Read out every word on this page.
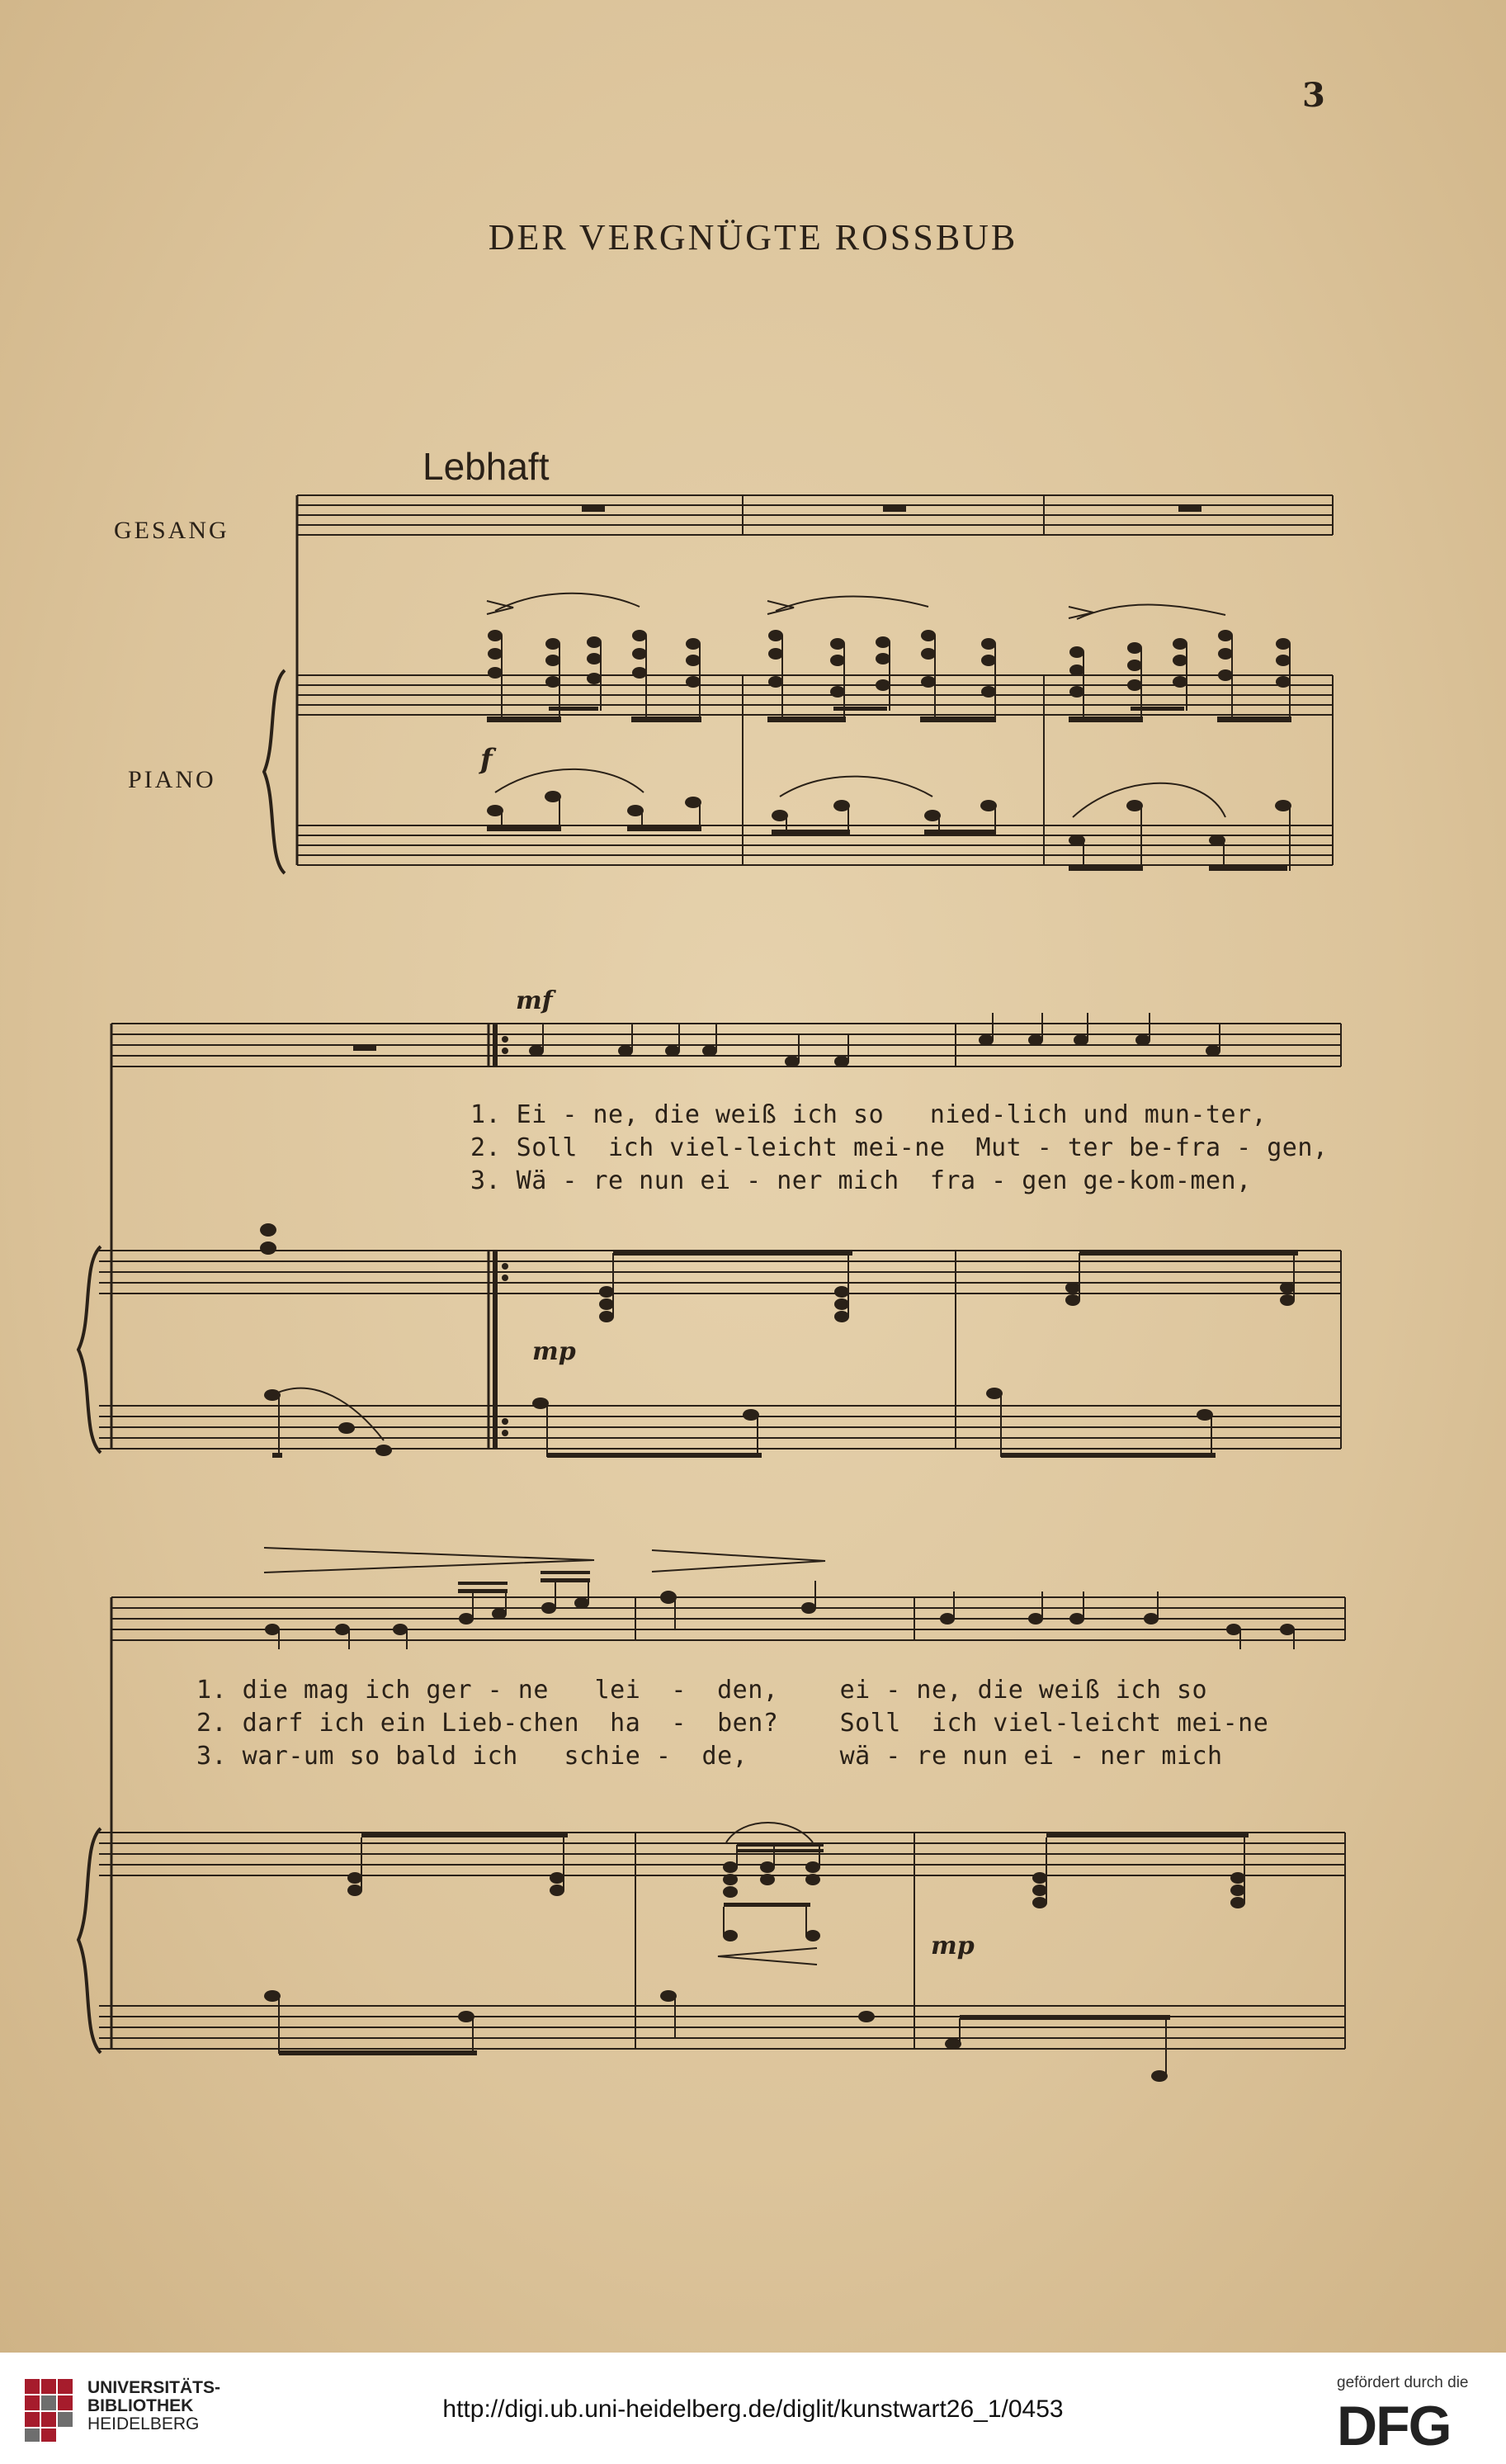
3
DER VERGNÜGTE ROSSBUB
Lebhaft
GESANG
PIANO
f
mf
mp
mp
1. Ei - ne, die weiß ich so   nied-lich und mun-ter,
2. Soll  ich viel-leicht mei-ne  Mut - ter be-fra - gen,
3. Wä - re nun ei - ner mich  fra - gen ge-kom-men,
1. die mag ich ger - ne   lei  -  den,    ei - ne, die weiß ich so
2. darf ich ein Lieb-chen  ha  -  ben?    Soll  ich viel-leicht mei-ne
3. war-um so bald ich   schie -  de,      wä - re nun ei - ner mich
UNIVERSITÄTS-
BIBLIOTHEK
HEIDELBERG
http://digi.ub.uni-heidelberg.de/diglit/kunstwart26_1/0453
gefördert durch die
DFG
